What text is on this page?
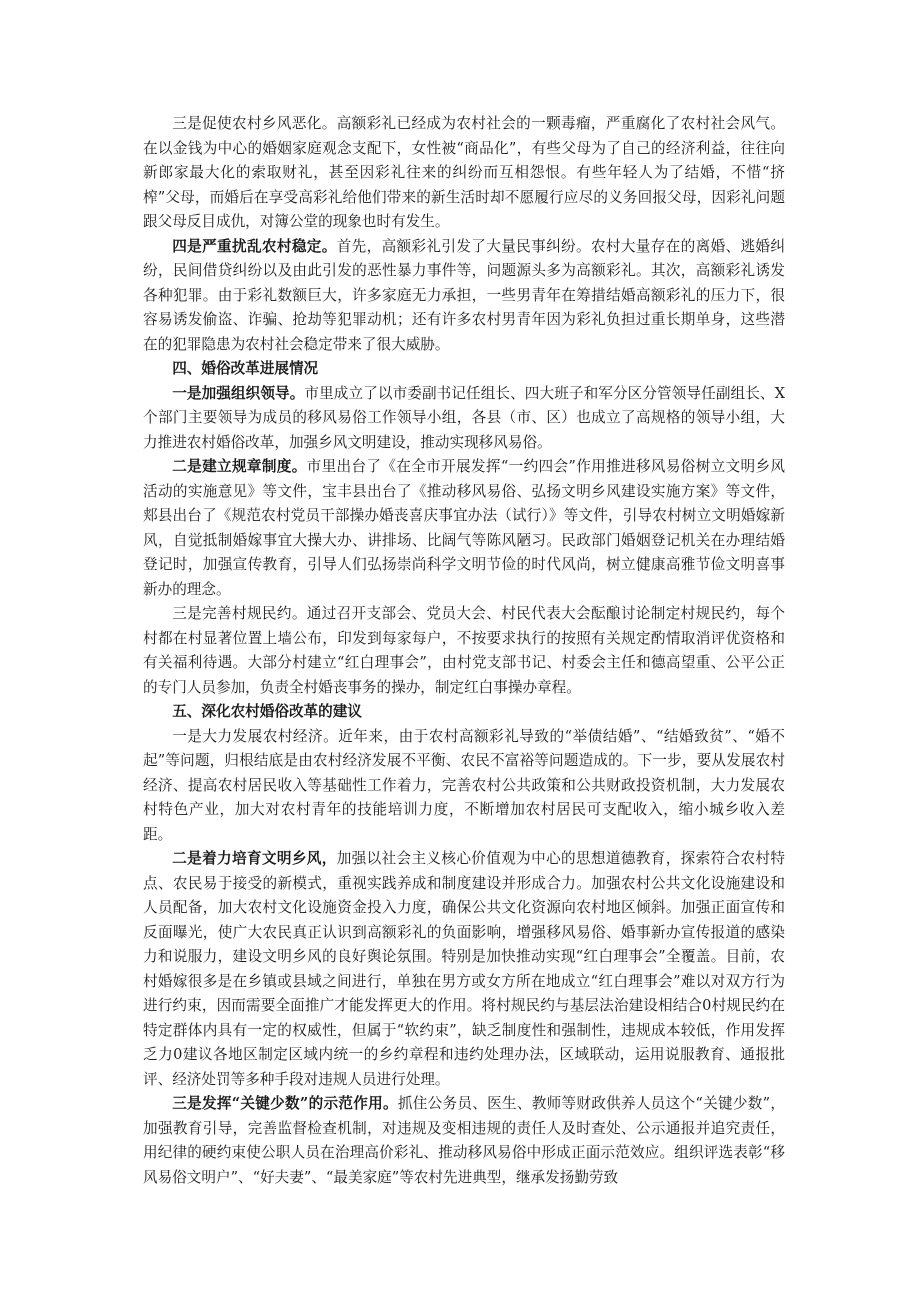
三是促使农村乡风恶化。高额彩礼已经成为农村社会的一颗毒瘤，严重腐化了农村社会风气。在以金钱为中心的婚姻家庭观念支配下，女性被“商品化”，有些父母为了自己的经济利益，往往向新郎家最大化的索取财礼，甚至因彩礼往来的纠纷而互相怨恨。有些年轻人为了结婚，不惜“挤榨”父母，而婚后在享受高彩礼给他们带来的新生活时却不愿履行应尽的义务回报父母，因彩礼问题跟父母反目成仇，对簿公堂的现象也时有发生。

四是严重扰乱农村稳定。首先，高额彩礼引发了大量民事纠纷。农村大量存在的离婚、逃婚纠纷，民间借贷纠纷以及由此引发的恶性暴力事件等，问题源头多为高额彩礼。其次，高额彩礼诱发各种犯罪。由于彩礼数额巨大，许多家庭无力承担，一些男青年在筹措结婚高额彩礼的压力下，很容易诱发偷盗、诈骗、抢劫等犯罪动机；还有许多农村男青年因为彩礼负担过重长期单身，这些潜在的犯罪隐患为农村社会稳定带来了很大威胁。

四、婚俗改革进展情况

一是加强组织领导。市里成立了以市委副书记任组长、四大班子和军分区分管领导任副组长、X个部门主要领导为成员的移风易俗工作领导小组，各县（市、区）也成立了高规格的领导小组，大力推进农村婚俗改革，加强乡风文明建设，推动实现移风易俗。

二是建立规章制度。市里出台了《在全市开展发挥“一约四会”作用推进移风易俗树立文明乡风活动的实施意见》等文件，宝丰县出台了《推动移风易俗、弘扬文明乡风建设实施方案》等文件，郏县出台了《规范农村党员干部操办婚丧喜庆事宜办法（试行）》等文件，引导农村树立文明婚嫁新风，自觉抵制婚嫁事宜大操大办、讲排场、比阔气等陈风陋习。民政部门婚姻登记机关在办理结婚登记时，加强宣传教育，引导人们弘扬崇尚科学文明节俭的时代风尚，树立健康高雅节俭文明喜事新办的理念。

三是完善村规民约。通过召开支部会、党员大会、村民代表大会酝酿讨论制定村规民约，每个村都在村显著位置上墙公布，印发到每家每户，不按要求执行的按照有关规定酌情取消评优资格和有关福利待遇。大部分村建立“红白理事会”，由村党支部书记、村委会主任和德高望重、公平公正的专门人员参加，负责全村婚丧事务的操办，制定红白事操办章程。

五、深化农村婚俗改革的建议

一是大力发展农村经济。近年来，由于农村高额彩礼导致的“举债结婚”、“结婚致贫”、“婚不起”等问题，归根结底是由农村经济发展不平衡、农民不富裕等问题造成的。下一步，要从发展农村经济、提高农村居民收入等基础性工作着力，完善农村公共政策和公共财政投资机制，大力发展农村特色产业，加大对农村青年的技能培训力度，不断增加农村居民可支配收入，缩小城乡收入差距。

二是着力培育文明乡风，加强以社会主义核心价值观为中心的思想道德教育，探索符合农村特点、农民易于接受的新模式，重视实践养成和制度建设并形成合力。加强农村公共文化设施建设和人员配备，加大农村文化设施资金投入力度，确保公共文化资源向农村地区倾斜。加强正面宣传和反面曝光，使广大农民真正认识到高额彩礼的负面影响，增强移风易俗、婚事新办宣传报道的感染力和说服力，建设文明乡风的良好舆论氛围。特别是加快推动实现“红白理事会”全覆盖。目前，农村婚嫁很多是在乡镇或县域之间进行，单独在男方或女方所在地成立“红白理事会”难以对双方行为进行约束，因而需要全面推广才能发挥更大的作用。将村规民约与基层法治建设相结合0村规民约在特定群体内具有一定的权威性，但属于“软约束”，缺乏制度性和强制性，违规成本较低，作用发挥乏力0建议各地区制定区域内统一的乡约章程和违约处理办法，区域联动，运用说服教育、通报批评、经济处罚等多种手段对违规人员进行处理。

三是发挥“关键少数”的示范作用。抓住公务员、医生、教师等财政供养人员这个“关键少数”，加强教育引导，完善监督检查机制，对违规及变相违规的责任人及时查处、公示通报并追究责任，用纪律的硬约束使公职人员在治理高价彩礼、推动移风易俗中形成正面示范效应。组织评选表彰“移风易俗文明户”、“好夫妻”、“最美家庭”等农村先进典型，继承发扬勤劳致
